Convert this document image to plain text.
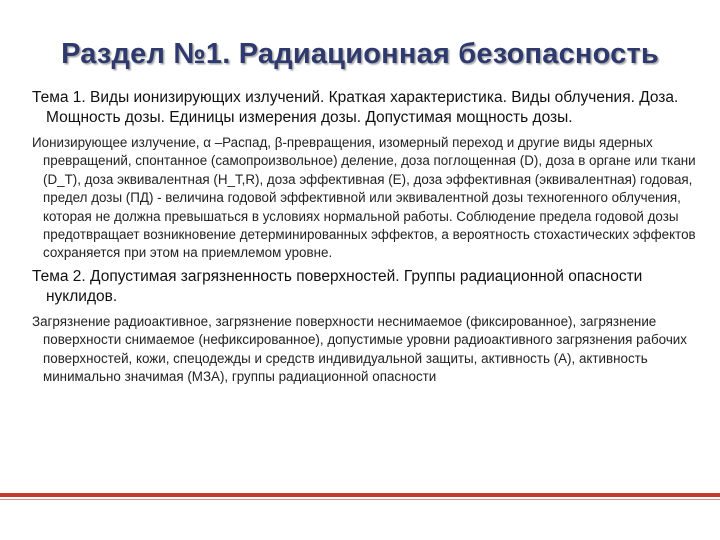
Раздел №1. Радиационная безопасность

Тема 1. Виды ионизирующих излучений. Краткая характеристика. Виды облучения. Доза. Мощность дозы. Единицы измерения дозы. Допустимая мощность дозы.

Ионизирующее излучение, α –Распад, β-превращения, изомерный переход и другие виды ядерных превращений, спонтанное (самопроизвольное) деление, доза поглощенная (D), доза в органе или ткани (D_T), доза эквивалентная (H_T,R), доза эффективная (E), доза эффективная (эквивалентная) годовая, предел дозы (ПД) - величина годовой эффективной или эквивалентной дозы техногенного облучения, которая не должна превышаться в условиях нормальной работы. Соблюдение предела годовой дозы предотвращает возникновение детерминированных эффектов, а вероятность стохастических эффектов сохраняется при этом на приемлемом уровне.

Тема 2. Допустимая загрязненность поверхностей. Группы радиационной опасности нуклидов.

Загрязнение радиоактивное, загрязнение поверхности неснимаемое (фиксированное), загрязнение поверхности снимаемое (нефиксированное), допустимые уровни радиоактивного загрязнения рабочих поверхностей, кожи, спецодежды и средств индивидуальной защиты, активность (А), активность минимально значимая (МЗА), группы радиационной опасности
